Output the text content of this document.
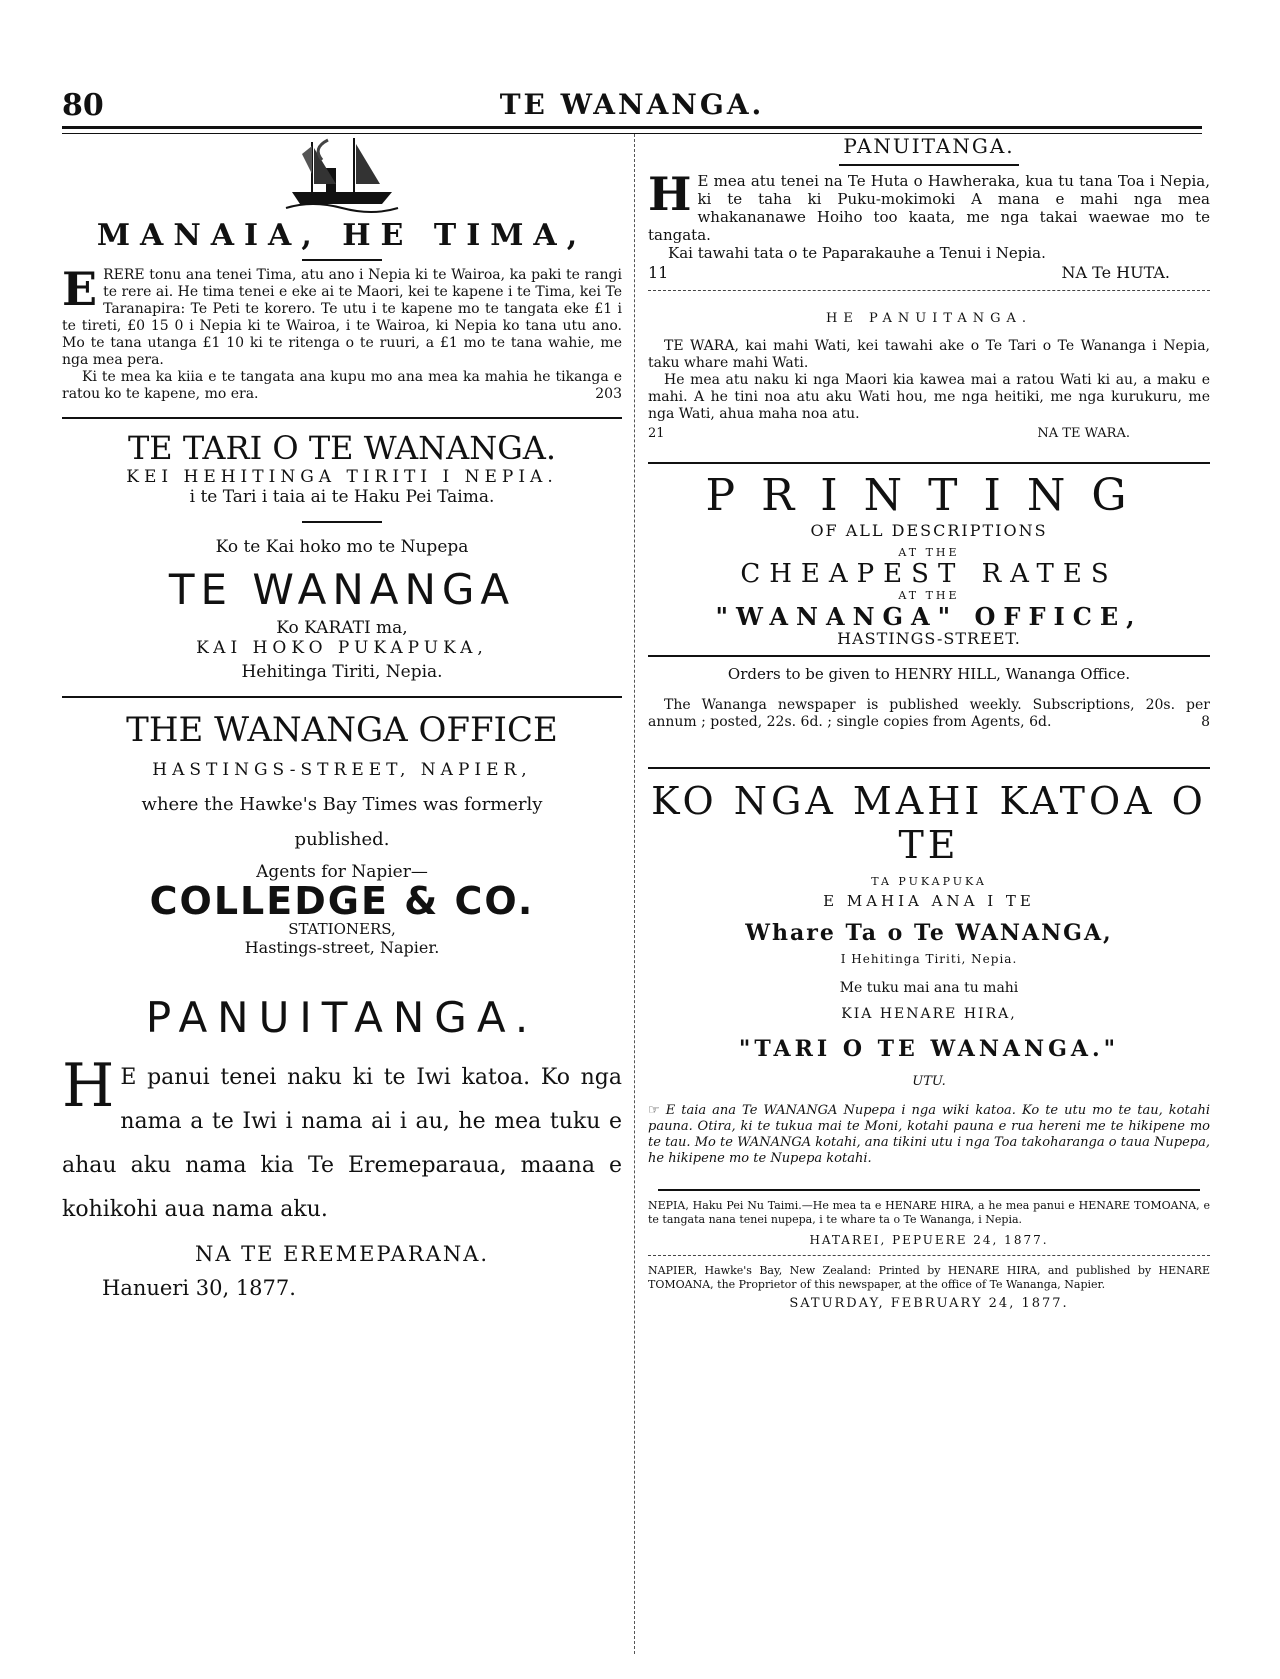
80	TE WANANGA.
MANAIA, HE TIMA,
E RERE tonu ana tenei Tima, atu ano i Nepia ki te Wairoa, ka paki te rangi te rere ai. He tima tenei e eke ai te Maori, kei te kapene i te Tima, kei Te Taranapira: Te Peti te korero. Te utu i te kapene mo te tangata eke £1 i te tireti, £0 15 0 i Nepia ki te Wairoa, i te Wairoa, ki Nepia ko tana utu ano. Mo te tana utanga £1 10 ki te ritenga o te ruuri, a £1 mo te tana wahie, me nga mea pera.

Ki te mea ka kiia e te tangata ana kupu mo ana mea ka mahia he tikanga e ratou ko te kapene, mo era.	203

TE TARI O TE WANANGA.
KEI HEHITINGA TIRITI I NEPIA.
i te Tari i taia ai te Haku Pei Taima.
Ko te Kai hoko mo te Nupepa
TE WANANGA
Ko KARATI ma,
KAI HOKO PUKAPUKA,
Hehitinga Tiriti, Nepia.
THE WANANGA OFFICE
HASTINGS-STREET, NAPIER,
where the Hawke's Bay Times was formerly
published.
Agents for Napier—
COLLEDGE & CO.
STATIONERS,
Hastings-street, Napier.
PANUITANGA.
H E panui tenei naku ki te Iwi katoa. Ko nga nama a te Iwi i nama ai i au, he mea tuku e ahau aku nama kia Te Eremeparaua, maana e kohikohi aua nama aku.
NA TE EREMEPARANA.
Hanueri 30, 1877.
PANUITANGA.
H E mea atu tenei na Te Huta o Hawheraka, kua tu tana Toa i Nepia, ki te taha ki Puku-mokimoki A mana e mahi nga mea whakananawe Hoiho too kaata, me nga takai waewae mo te tangata.

Kai tawahi tata o te Paparakauhe a Tenui i Nepia.

11	NA Te HUTA.
HE PANUITANGA.

TE WARA, kai mahi Wati, kei tawahi ake o Te Tari o Te Wananga i Nepia, taku whare mahi Wati.

He mea atu naku ki nga Maori kia kawea mai a ratou Wati ki au, a maku e mahi. A he tini noa atu aku Wati hou, me nga heitiki, me nga kurukuru, me nga Wati, ahua maha noa atu.

21	NA TE WARA.
PRINTING
OF ALL DESCRIPTIONS
AT THE
CHEAPEST RATES
AT THE
"WANANGA" OFFICE,
HASTINGS-STREET.
Orders to be given to HENRY HILL, Wananga Office.
The Wananga newspaper is published weekly. Subscriptions, 20s. per annum ; posted, 22s. 6d. ; single copies from Agents, 6d.	8
KO NGA MAHI KATOA O TE
TA PUKAPUKA
E MAHIA ANA I TE
Whare Ta o Te WANANGA,
I Hehitinga Tiriti, Nepia.
Me tuku mai ana tu mahi
KIA HENARE HIRA,
"TARI O TE WANANGA."
UTU.
☞ E taia ana Te WANANGA Nupepa i nga wiki katoa. Ko te utu mo te tau, kotahi pauna. Otira, ki te tukua mai te Moni, kotahi pauna e rua hereni me te hikipene mo te tau. Mo te WANANGA kotahi, ana tikini utu i nga Toa takoharanga o taua Nupepa, he hikipene mo te Nupepa kotahi.
NEPIA, Haku Pei Nu Taimi.—He mea ta e HENARE HIRA, a he mea panui e HENARE TOMOANA, e te tangata nana tenei nupepa, i te whare ta o Te Wananga, i Nepia.
HATAREI, PEPUERE 24, 1877.
NAPIER, Hawke's Bay, New Zealand: Printed by HENARE HIRA, and published by HENARE TOMOANA, the Proprietor of this newspaper, at the office of Te Wananga, Napier.
SATURDAY, FEBRUARY 24, 1877.
